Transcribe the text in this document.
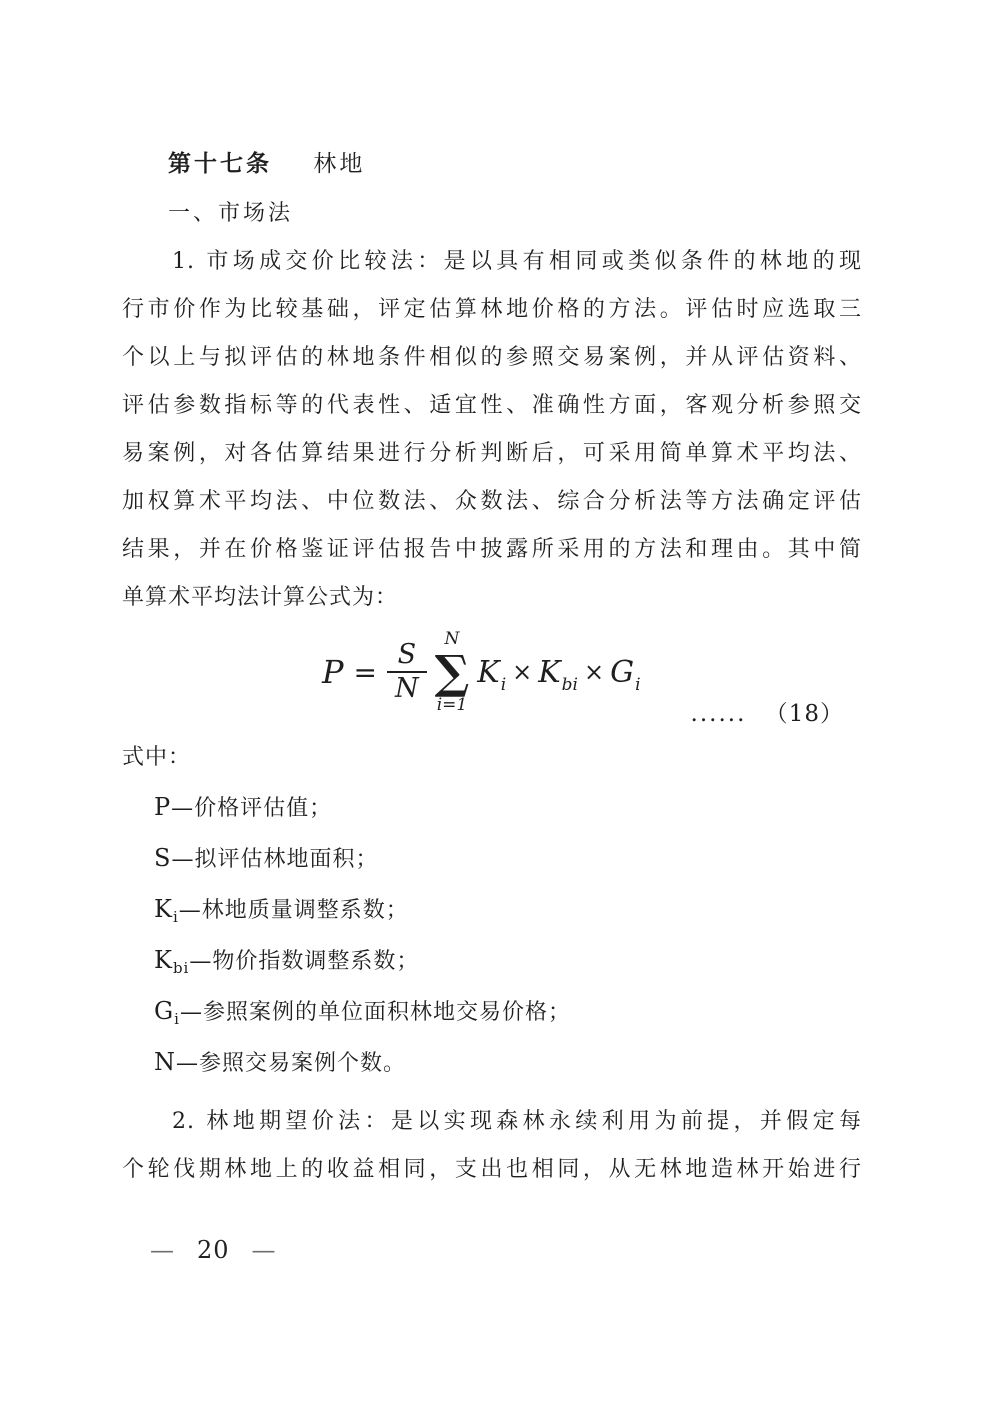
第十七条 林地
一、市场法
1. 市场成交价比较法：是以具有相同或类似条件的林地的现
行市价作为比较基础，评定估算林地价格的方法。评估时应选取三
个以上与拟评估的林地条件相似的参照交易案例，并从评估资料、
评估参数指标等的代表性、适宜性、准确性方面，客观分析参照交
易案例，对各估算结果进行分析判断后，可采用简单算术平均法、
加权算术平均法、中位数法、众数法、综合分析法等方法确定评估
结果，并在价格鉴证评估报告中披露所采用的方法和理由。其中简
单算术平均法计算公式为：
$P = \frac{S}{N}$ N
∑
i=1
K i × K bi × G i
...... （18）
式中：
P—价格评估值；
S—拟评估林地面积；
$K_i—$林地质量调整系数；
$K_{bi}—$物价指数调整系数；
$G_i—$参照案例的单位面积林地交易价格；
N—参照交易案例个数。
2. 林地期望价法：是以实现森林永续利用为前提，并假定每
个轮伐期林地上的收益相同，支出也相同，从无林地造林开始进行
— 20 —
